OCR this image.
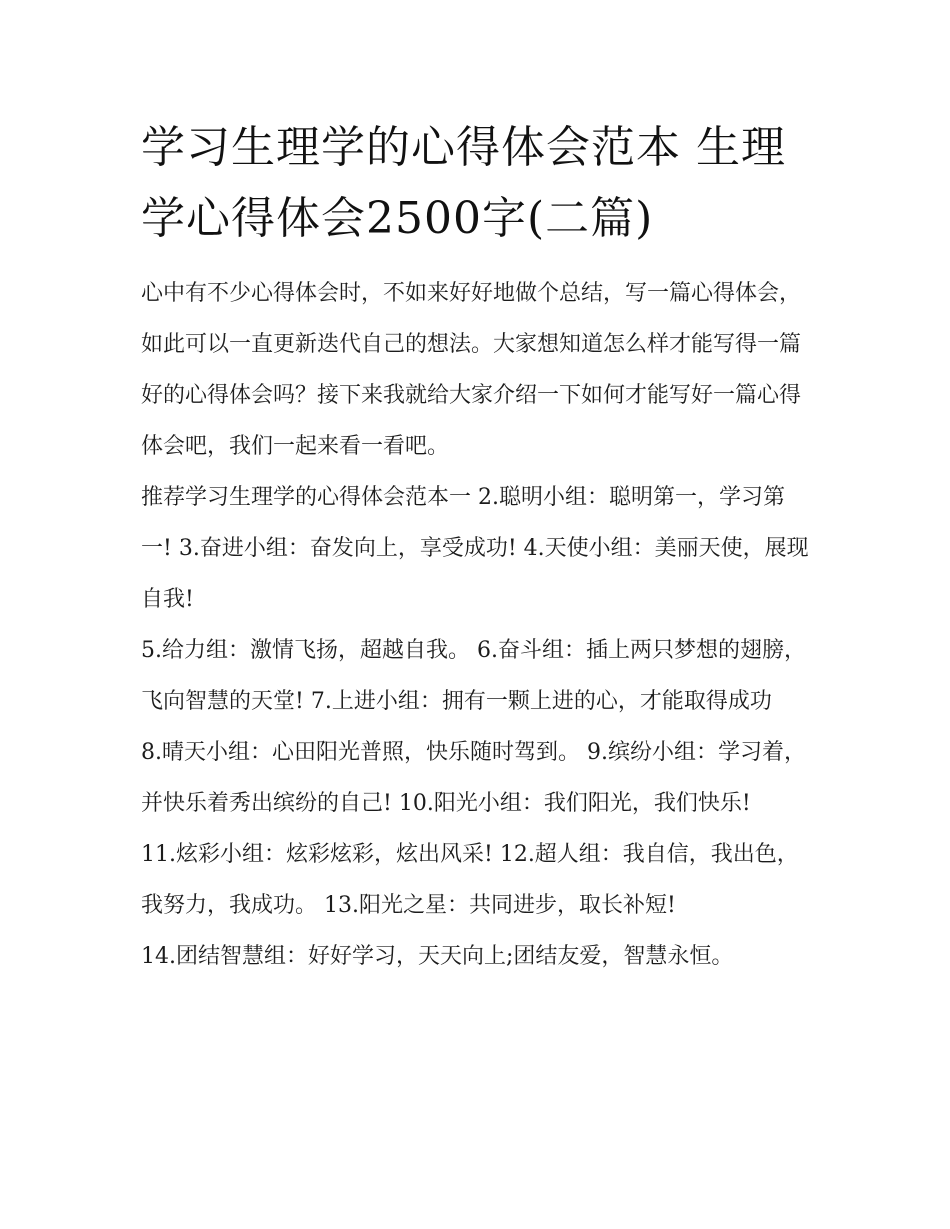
学习生理学的心得体会范本 生理学心得体会2500字(二篇)

心中有不少心得体会时，不如来好好地做个总结，写一篇心得体会，如此可以一直更新迭代自己的想法。大家想知道怎么样才能写得一篇好的心得体会吗？接下来我就给大家介绍一下如何才能写好一篇心得体会吧，我们一起来看一看吧。

推荐学习生理学的心得体会范本一 2.聪明小组：聪明第一，学习第一! 3.奋进小组：奋发向上，享受成功! 4.天使小组：美丽天使，展现自我!

5.给力组：激情飞扬，超越自我。 6.奋斗组：插上两只梦想的翅膀，飞向智慧的天堂! 7.上进小组：拥有一颗上进的心，才能取得成功

8.晴天小组：心田阳光普照，快乐随时驾到。 9.缤纷小组：学习着，并快乐着秀出缤纷的自己! 10.阳光小组：我们阳光，我们快乐!

11.炫彩小组：炫彩炫彩，炫出风采! 12.超人组：我自信，我出色，我努力，我成功。 13.阳光之星：共同进步，取长补短!

14.团结智慧组：好好学习，天天向上;团结友爱，智慧永恒。
